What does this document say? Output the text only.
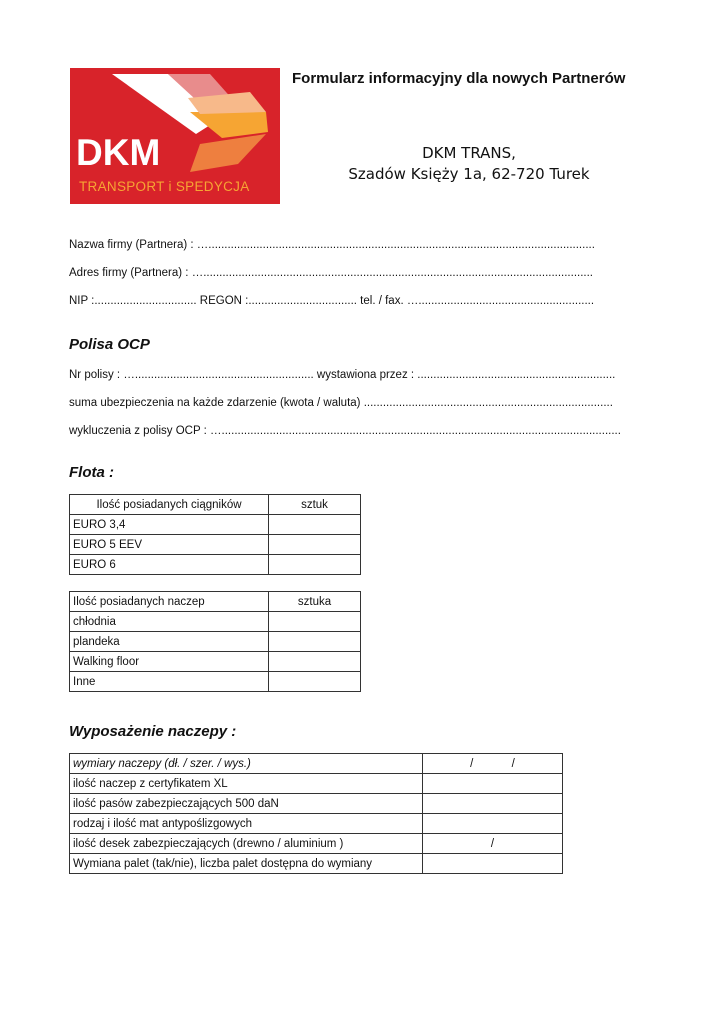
DKM
TRANSPORT i SPEDYCJA
Formularz informacyjny dla nowych Partnerów
DKM TRANS,
Szadów Księży 1a, 62-720 Turek
Nazwa firmy (Partnera) : ….........................................................................................................................
Adres firmy (Partnera) : …..........................................................................................................................
NIP :................................ REGON :.................................. tel. / fax. ….......................................................
Polisa OCP
Nr polisy : …........................................................ wystawiona przez : ..............................................................
suma ubezpieczenia na każde zdarzenie (kwota / waluta) ..............................................................................
wykluczenia z polisy OCP : ….............................................................................................................................
Flota :
Ilość posiadanych ciągników	sztuk
EURO 3,4	
EURO 5 EEV	
EURO 6	
Ilość posiadanych naczep	sztuka
chłodnia	
plandeka	
Walking floor	
Inne	
Wyposażenie naczepy :
wymiary naczepy (dł. / szer. / wys.)	/            /
ilość naczep z certyfikatem XL	
ilość pasów zabezpieczających 500 daN	
rodzaj i ilość mat antypoślizgowych	
ilość desek zabezpieczających (drewno / aluminium )	/
Wymiana palet (tak/nie), liczba palet dostępna do wymiany	
